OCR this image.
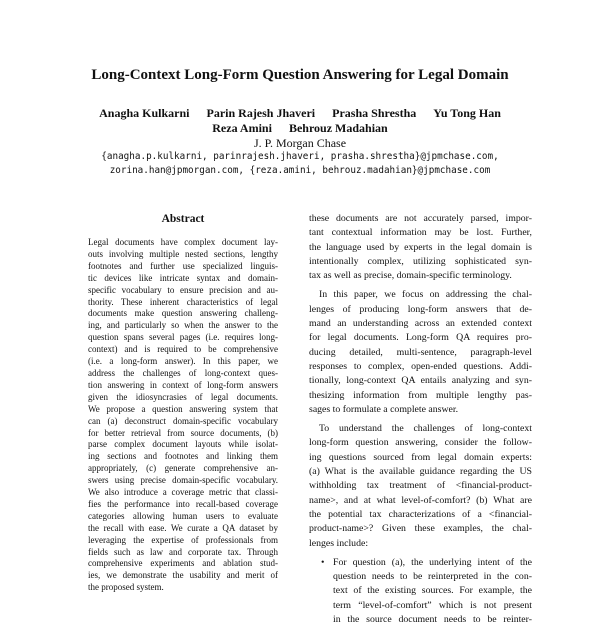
Long-Context Long-Form Question Answering for Legal Domain
Anagha Kulkarni Parin Rajesh Jhaveri Prasha Shrestha Yu Tong Han
Reza Amini Behrouz Madahian
J. P. Morgan Chase
{anagha.p.kulkarni, parinrajesh.jhaveri, prasha.shrestha}@jpmchase.com,
zorina.han@jpmorgan.com, {reza.amini, behrouz.madahian}@jpmchase.com
Abstract
Legal documents have complex document lay-
outs involving multiple nested sections, lengthy
footnotes and further use specialized linguis-
tic devices like intricate syntax and domain-
specific vocabulary to ensure precision and au-
thority. These inherent characteristics of legal
documents make question answering challeng-
ing, and particularly so when the answer to the
question spans several pages (i.e. requires long-
context) and is required to be comprehensive
(i.e. a long-form answer). In this paper, we
address the challenges of long-context ques-
tion answering in context of long-form answers
given the idiosyncrasies of legal documents.
We propose a question answering system that
can (a) deconstruct domain-specific vocabulary
for better retrieval from source documents, (b)
parse complex document layouts while isolat-
ing sections and footnotes and linking them
appropriately, (c) generate comprehensive an-
swers using precise domain-specific vocabulary.
We also introduce a coverage metric that classi-
fies the performance into recall-based coverage
categories allowing human users to evaluate
the recall with ease. We curate a QA dataset by
leveraging the expertise of professionals from
fields such as law and corporate tax. Through
comprehensive experiments and ablation stud-
ies, we demonstrate the usability and merit of
the proposed system.
these documents are not accurately parsed, impor-
tant contextual information may be lost. Further,
the language used by experts in the legal domain is
intentionally complex, utilizing sophisticated syn-
tax as well as precise, domain-specific terminology.
In this paper, we focus on addressing the chal-
lenges of producing long-form answers that de-
mand an understanding across an extended context
for legal documents. Long-form QA requires pro-
ducing detailed, multi-sentence, paragraph-level
responses to complex, open-ended questions. Addi-
tionally, long-context QA entails analyzing and syn-
thesizing information from multiple lengthy pas-
sages to formulate a complete answer.
To understand the challenges of long-context
long-form question answering, consider the follow-
ing questions sourced from legal domain experts:
(a) What is the available guidance regarding the US
withholding tax treatment of <financial-product-
name>, and at what level-of-comfort? (b) What are
the potential tax characterizations of a <financial-
product-name>? Given these examples, the chal-
lenges include:
• For question (a), the underlying intent of the
question needs to be reinterpreted in the con-
text of the existing sources. For example, the
term “level-of-comfort” which is not present
in the source document needs to be reinter-
